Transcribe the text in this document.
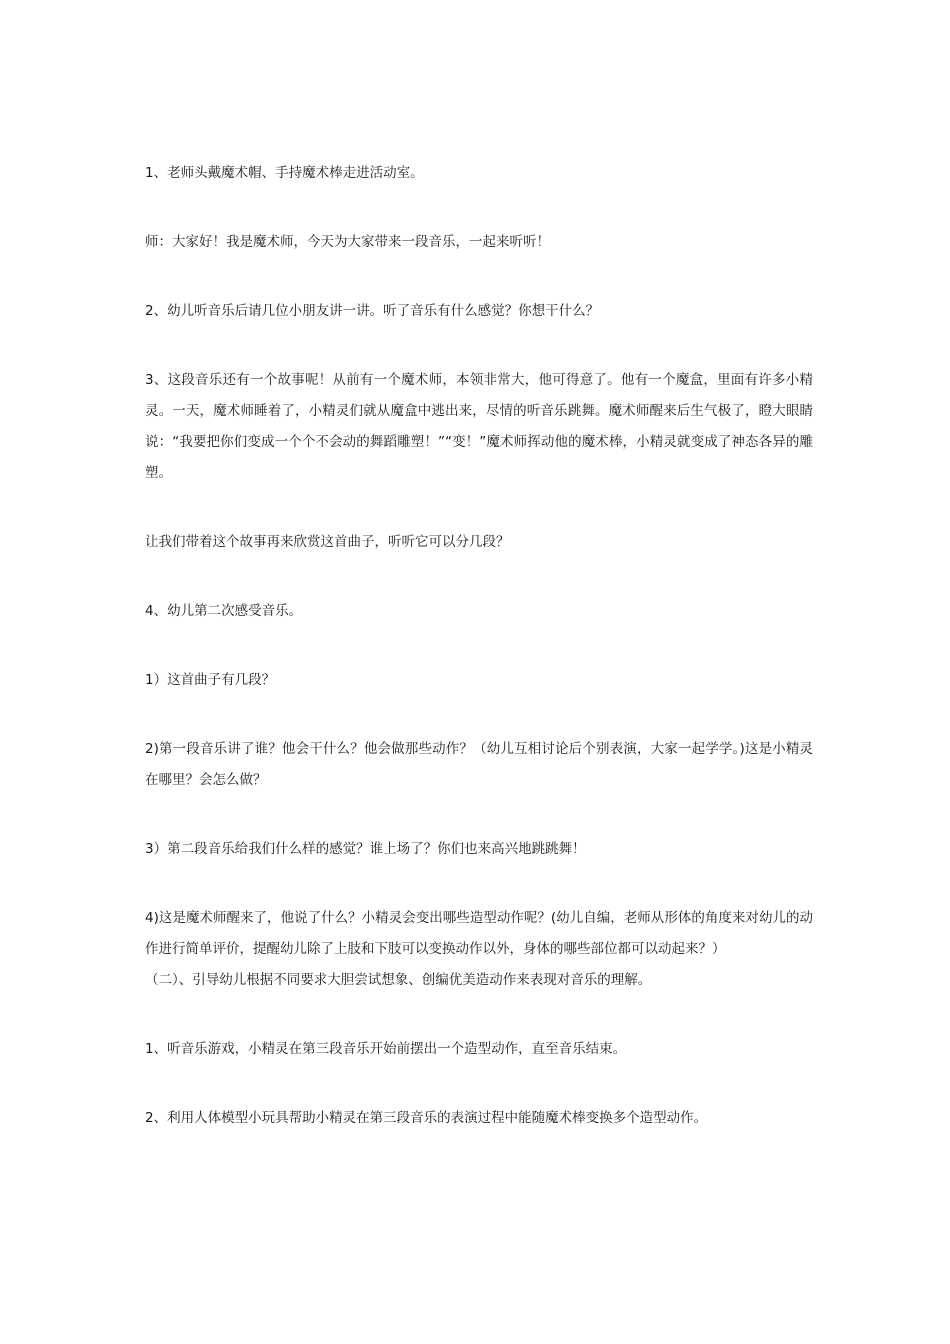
1、老师头戴魔术帽、手持魔术棒走进活动室。

师：大家好！我是魔术师，今天为大家带来一段音乐，一起来听听！

2、幼儿听音乐后请几位小朋友讲一讲。听了音乐有什么感觉？你想干什么？

3、这段音乐还有一个故事呢！从前有一个魔术师，本领非常大，他可得意了。他有一个魔盒，里面有许多小精灵。一天，魔术师睡着了，小精灵们就从魔盒中逃出来，尽情的听音乐跳舞。魔术师醒来后生气极了，瞪大眼睛说：“我要把你们变成一个个不会动的舞蹈雕塑！”“变！”魔术师挥动他的魔术棒，小精灵就变成了神态各异的雕塑。

让我们带着这个故事再来欣赏这首曲子，听听它可以分几段？

4、幼儿第二次感受音乐。

1）这首曲子有几段？

2)第一段音乐讲了谁？他会干什么？他会做那些动作？（幼儿互相讨论后个别表演，大家一起学学。)这是小精灵在哪里？会怎么做？

3）第二段音乐给我们什么样的感觉？谁上场了？你们也来高兴地跳跳舞！

4)这是魔术师醒来了，他说了什么？小精灵会变出哪些造型动作呢？(幼儿自编，老师从形体的角度来对幼儿的动作进行简单评价，提醒幼儿除了上肢和下肢可以变换动作以外，身体的哪些部位都可以动起来？）

（二）、引导幼儿根据不同要求大胆尝试想象、创编优美造动作来表现对音乐的理解。

1、听音乐游戏，小精灵在第三段音乐开始前摆出一个造型动作，直至音乐结束。

2、利用人体模型小玩具帮助小精灵在第三段音乐的表演过程中能随魔术棒变换多个造型动作。
